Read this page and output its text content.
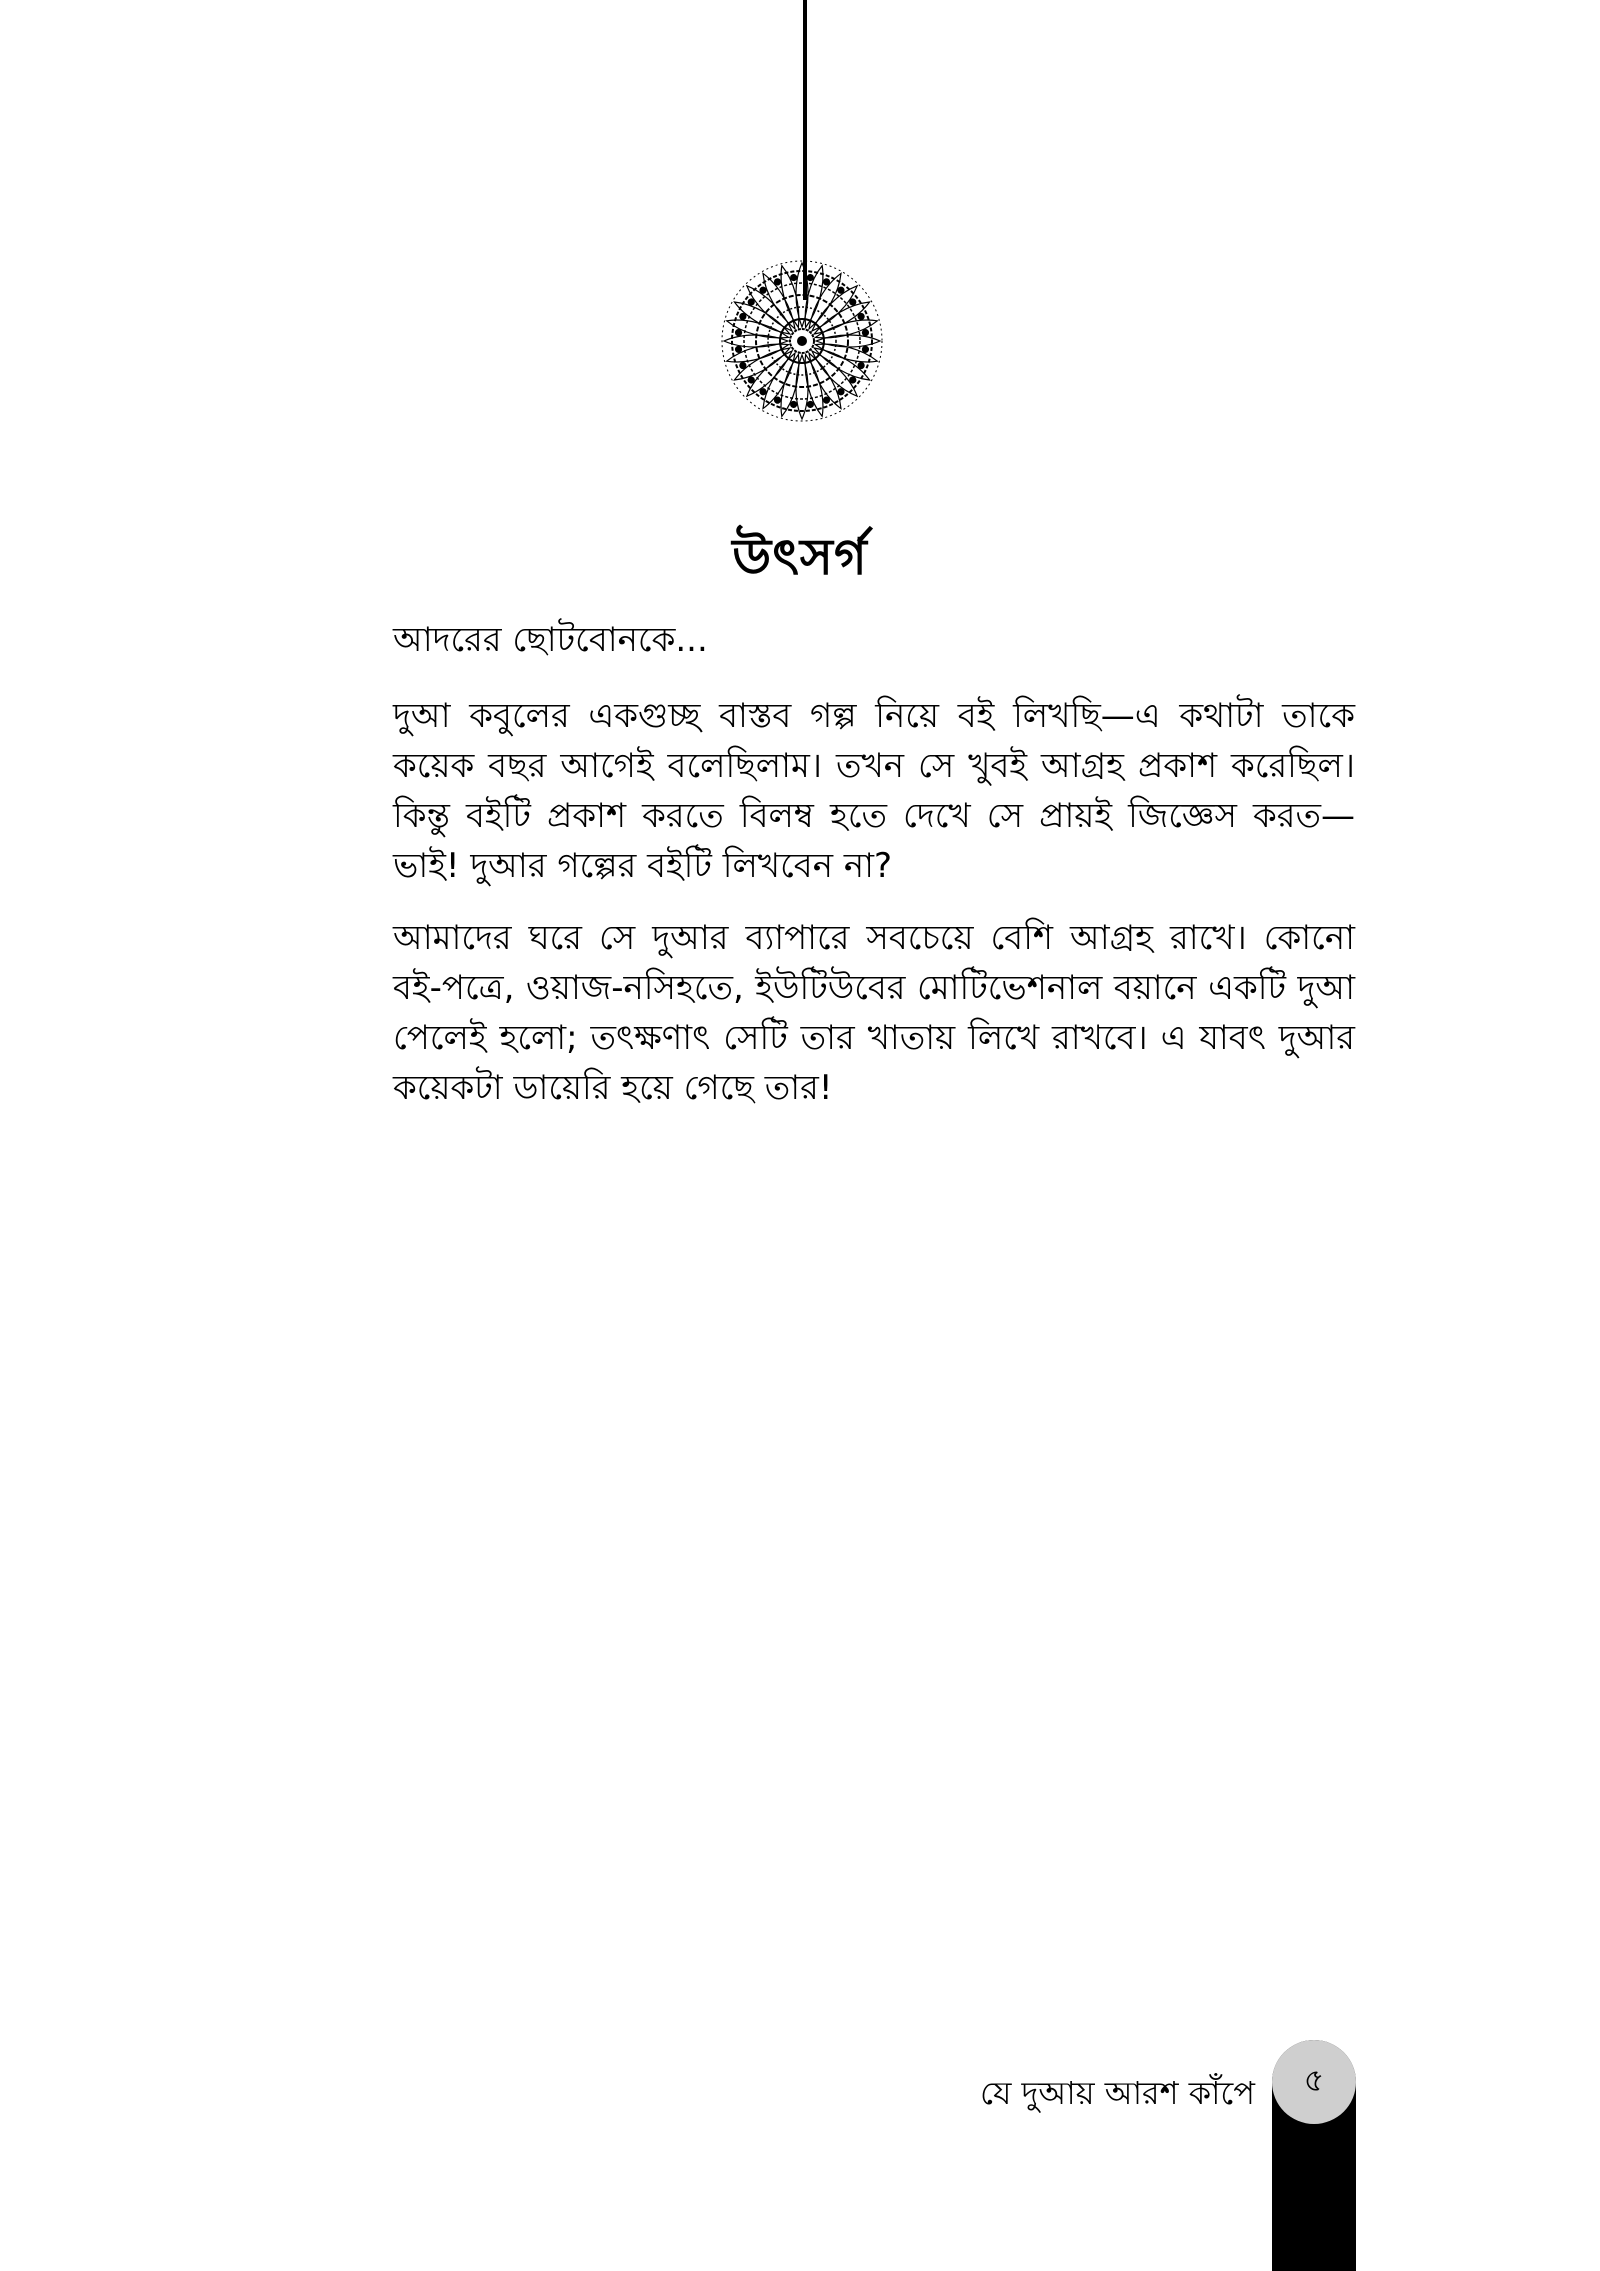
উৎসর্গ

আদরের ছোটবোনকে...

দুআ কবুলের একগুচ্ছ বাস্তব গল্প নিয়ে বই লিখছি—এ কথাটা তাকে কয়েক বছর আগেই বলেছিলাম। তখন সে খুবই আগ্রহ প্রকাশ করেছিল। কিন্তু বইটি প্রকাশ করতে বিলম্ব হতে দেখে সে প্রায়ই জিজ্ঞেস করত—ভাই! দুআর গল্পের বইটি লিখবেন না?

আমাদের ঘরে সে দুআর ব্যাপারে সবচেয়ে বেশি আগ্রহ রাখে। কোনো বই-পত্রে, ওয়াজ-নসিহতে, ইউটিউবের মোটিভেশনাল বয়ানে একটি দুআ পেলেই হলো; তৎক্ষণাৎ সেটি তার খাতায় লিখে রাখবে। এ যাবৎ দুআর কয়েকটা ডায়েরি হয়ে গেছে তার!

যে দুআয় আরশ কাঁপে ৫
